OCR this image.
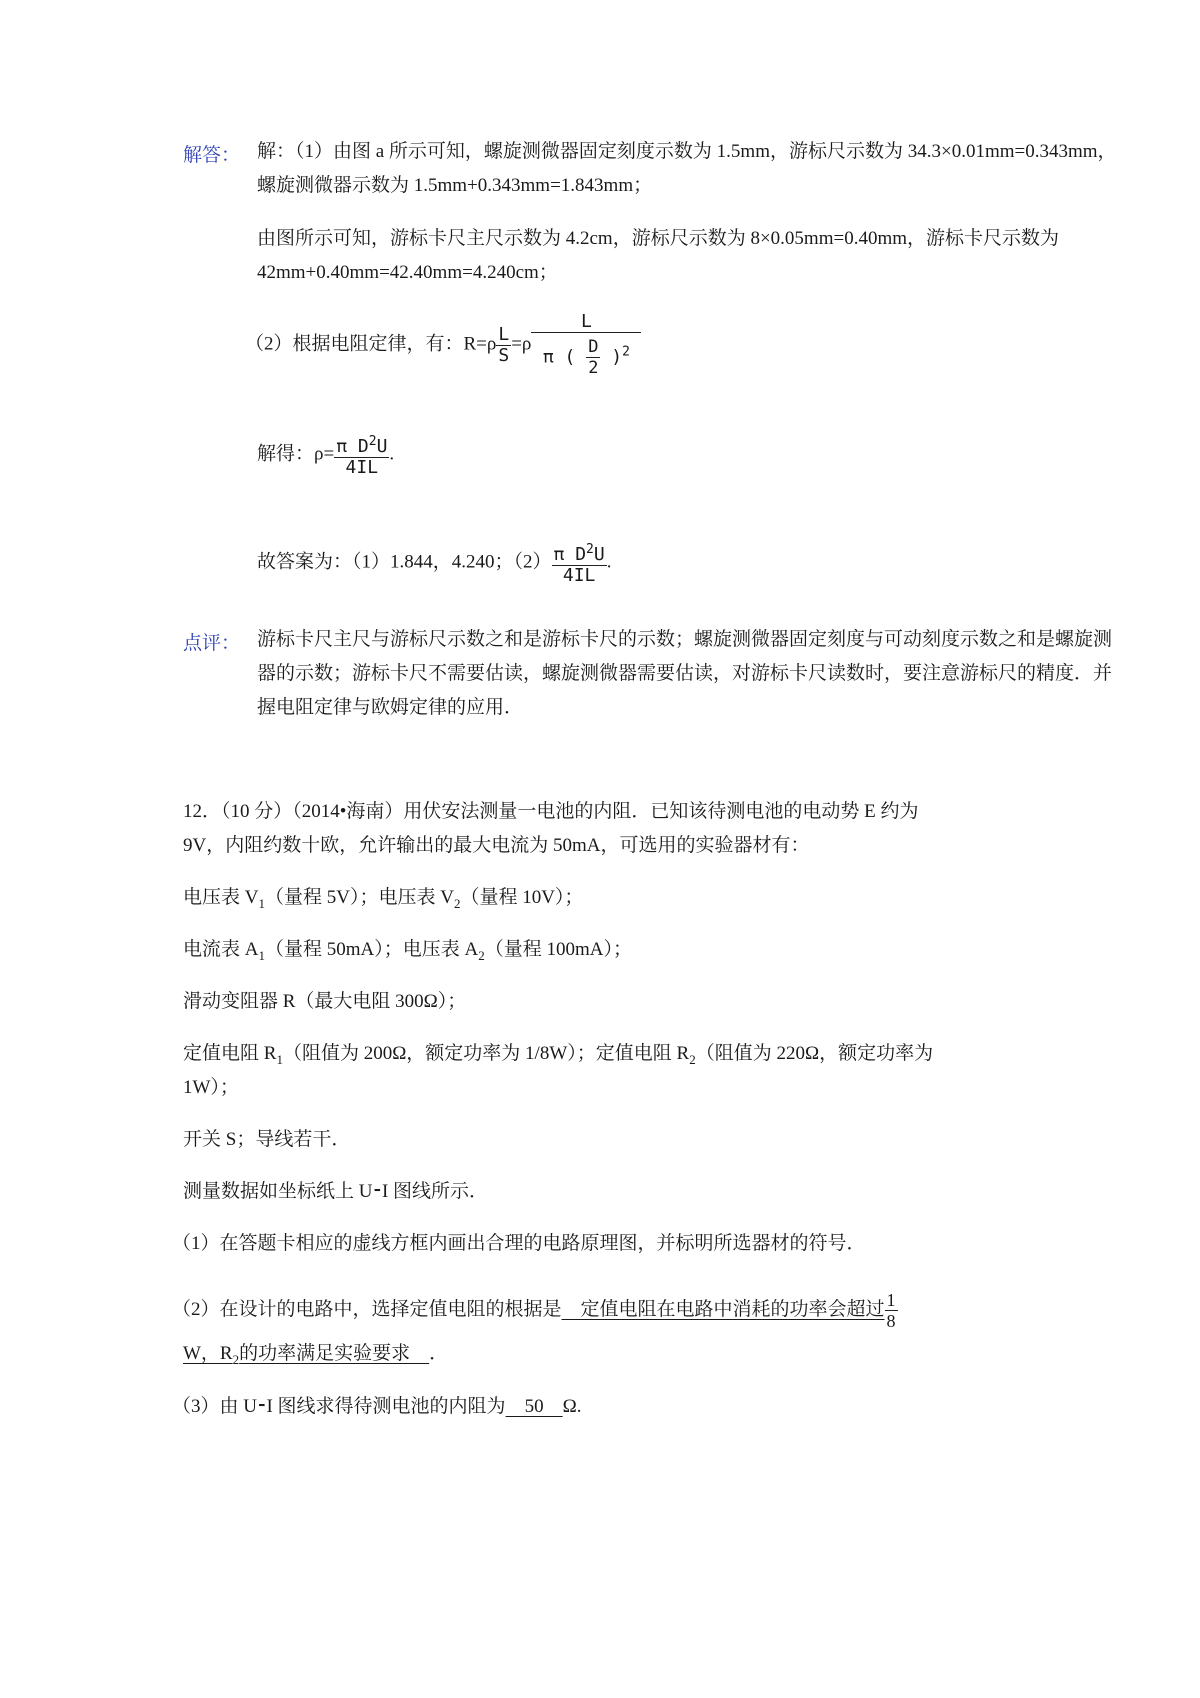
解答： 解：（1）由图 a 所示可知，螺旋测微器固定刻度示数为 1.5mm，游标尺示数为 34.3×0.01mm=0.343mm，
螺旋测微器示数为 1.5mm+0.343mm=1.843mm；
由图所示可知，游标卡尺主尺示数为 4.2cm，游标尺示数为 8×0.05mm=0.40mm，游标卡尺示数为
42mm+0.40mm=42.40mm=4.240cm；
（2）根据电阻定律，有：$R=\rho \frac{L}{S} =\rho \frac{L}{\pi ( \frac{D}{2} )^2}$
解得：$\rho= \frac{\pi D^2U}{4IL}$ .
故答案为：（1）1.844，4.240；$(2) \frac{\pi D^2U}{4IL}$ .
点评： 游标卡尺主尺与游标尺示数之和是游标卡尺的示数；螺旋测微器固定刻度与可动刻度示数之和是螺旋测
器的示数；游标卡尺不需要估读，螺旋测微器需要估读，对游标卡尺读数时，要注意游标尺的精度．并
握电阻定律与欧姆定律的应用．
12．（10 分）（2014•海南）用伏安法测量一电池的内阻．已知该待测电池的电动势 E 约为
9V，内阻约数十欧，允许输出的最大电流为 50mA，可选用的实验器材有：
电压表 $V_1$（量程 5V）；电压表 $V_2$（量程 10V）；
电流表 $A_1$（量程 50mA）；电压表 $A_2$（量程 100mA）；
滑动变阻器 R（最大电阻 300Ω）；
定值电阻 $R_1$（阻值为 200Ω，额定功率为 1/8W）；定值电阻 $R_2$（阻值为 220Ω，额定功率为
1W）；
开关 S；导线若干．
测量数据如坐标纸上 U⁃I 图线所示．
（1）在答题卡相应的虚线方框内画出合理的电路原理图，并标明所选器材的符号．
（2）在设计的电路中，选择定值电阻的根据是　定值电阻在电路中消耗的功率会超过 $\frac{1}{8}$
W，$R_2$的功率满足实验要求　．
（3）由 U⁃I 图线求得待测电池的内阻为　50　Ω.
